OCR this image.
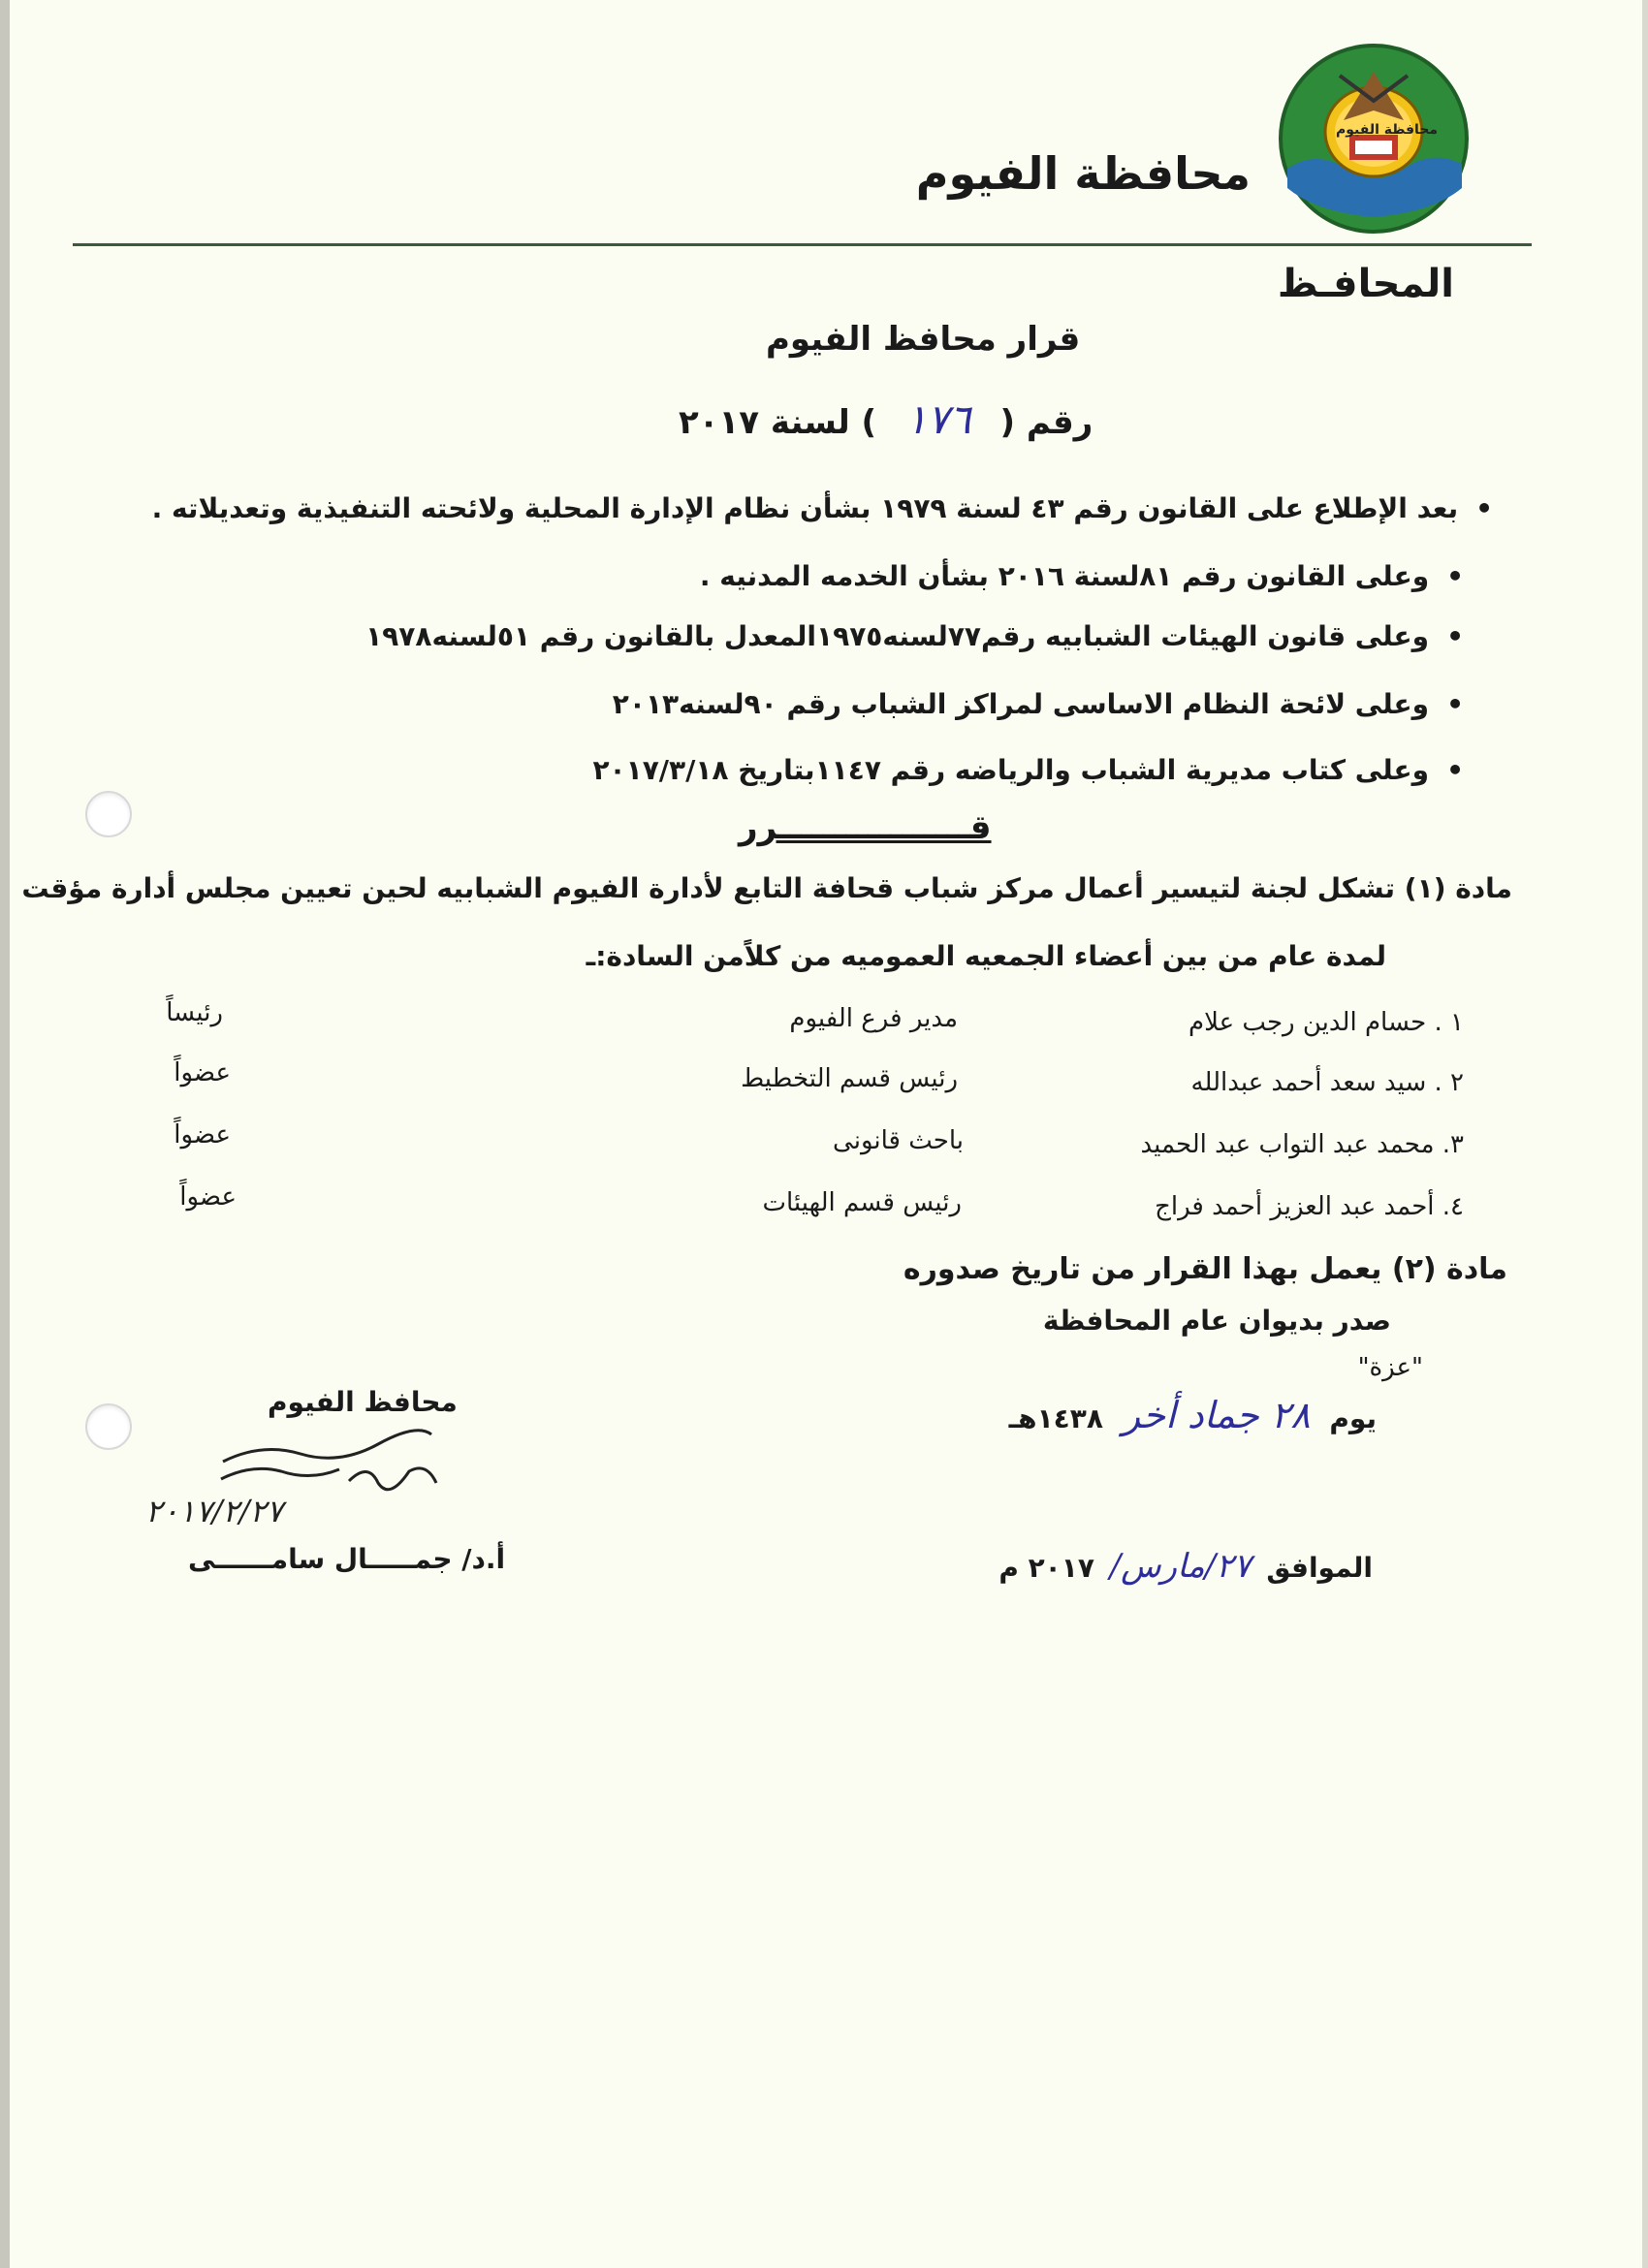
محافظة الفيوم
محافظة الفيوم
المحافـظ
قرار محافظ الفيوم
رقم ( ١٧٦ ) لسنة ٢٠١٧
• بعد الإطلاع على القانون رقم ٤٣ لسنة ١٩٧٩ بشأن نظام الإدارة المحلية ولائحته التنفيذية وتعديلاته .
• وعلى القانون رقم ٨١لسنة ٢٠١٦ بشأن الخدمه المدنيه .
• وعلى قانون الهيئات الشبابيه رقم٧٧لسنه١٩٧٥المعدل بالقانون رقم ٥١لسنه١٩٧٨
• وعلى لائحة النظام الاساسى لمراكز الشباب رقم ٩٠لسنه٢٠١٣
• وعلى كتاب مديرية الشباب والرياضه رقم ١١٤٧بتاريخ ٢٠١٧/٣/١٨
قـــــــــــــــــرر
مادة (١) تشكل لجنة لتيسير أعمال مركز شباب قحافة التابع لأدارة الفيوم الشبابيه لحين تعيين مجلس أدارة مؤقت
لمدة عام من بين أعضاء الجمعيه العموميه من كلاًمن السادة:ـ
١ . حسام الدين رجب علام
مدير فرع الفيوم
رئيساً
٢ . سيد سعد أحمد عبدالله
رئيس قسم التخطيط
عضواً
٣. محمد عبد التواب عبد الحميد
باحث قانونى
عضواً
٤. أحمد عبد العزيز أحمد فراج
رئيس قسم الهيئات
عضواً
مادة (٢) يعمل بهذا القرار من تاريخ صدوره
صدر بديوان عام المحافظة
"عزة"
يوم ٢٨ جماد أخر ١٤٣٨هـ
الموافق ٢٧/مارس/ ٢٠١٧ م
محافظ الفيوم
٢٠١٧/٢/٢٧
أ.د/ جمـــــال سامــــــى
